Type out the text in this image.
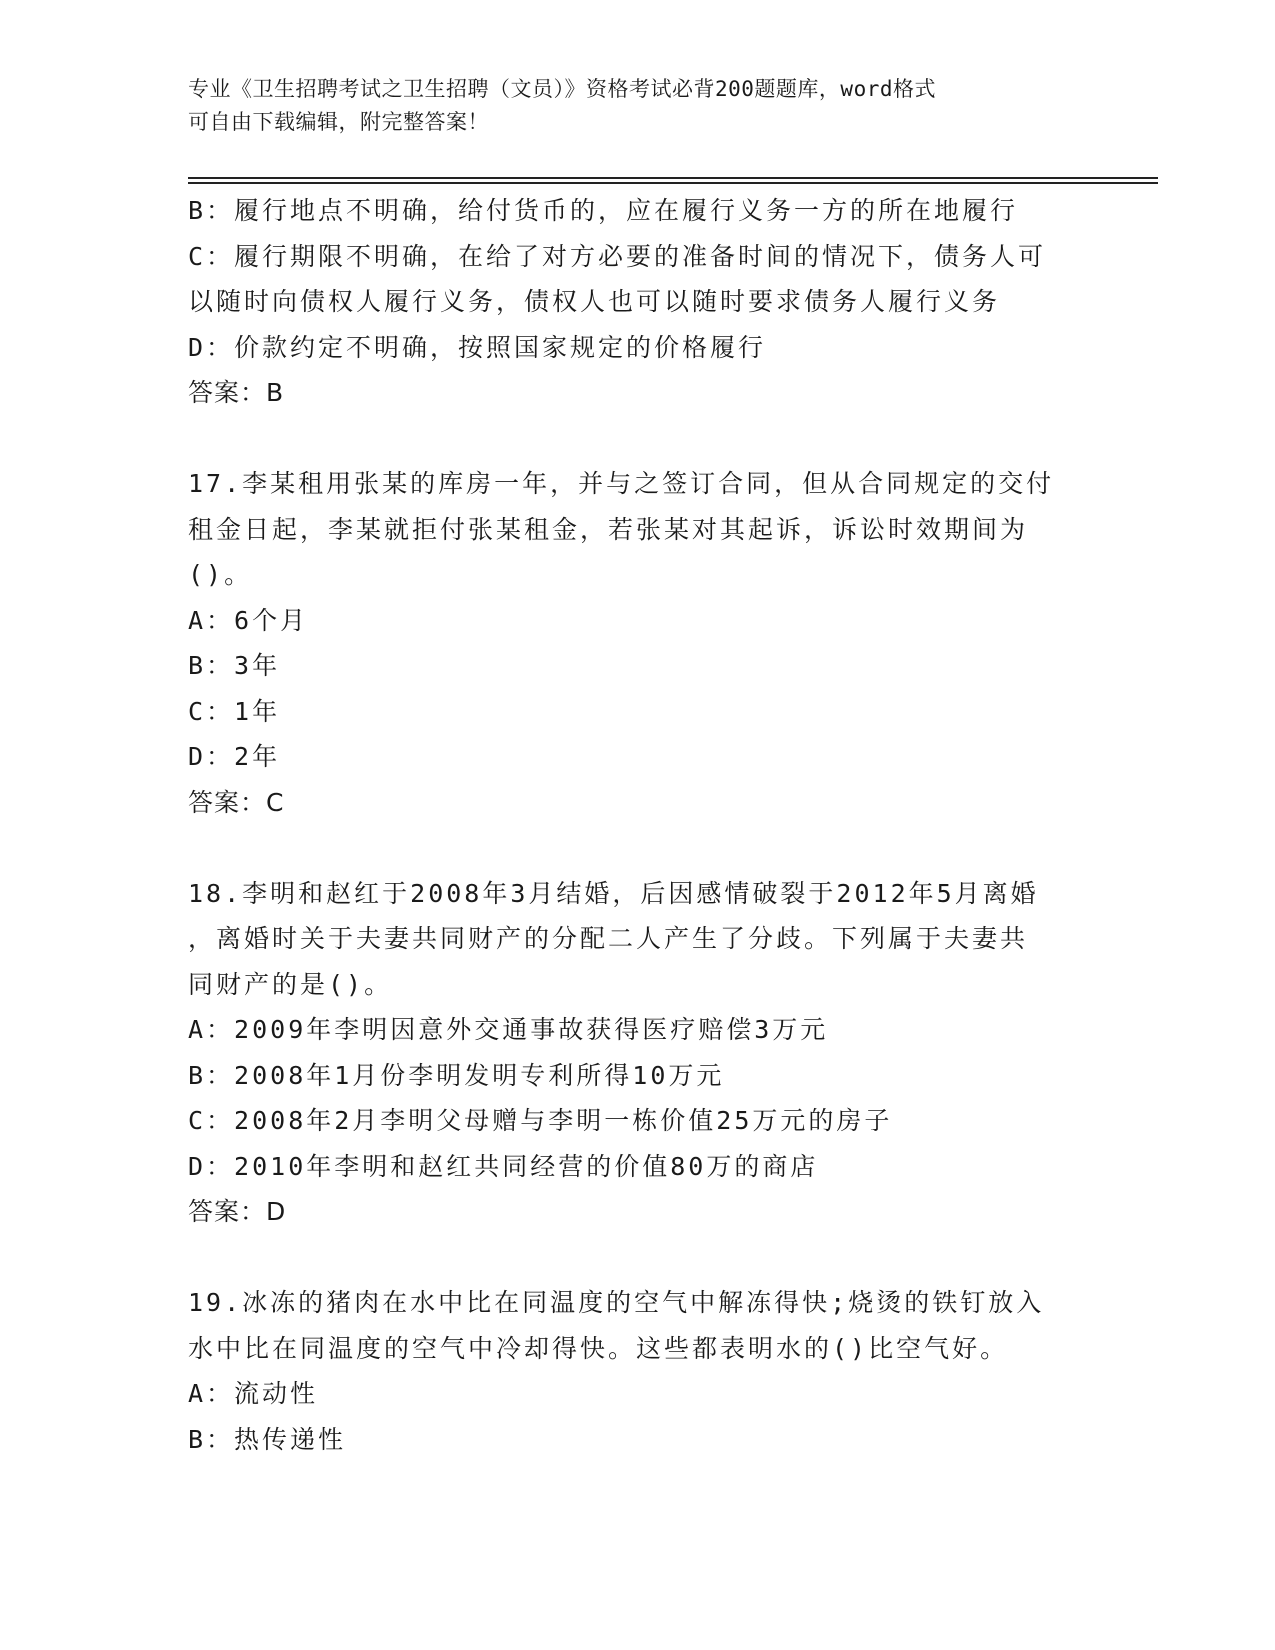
专业《卫生招聘考试之卫生招聘（文员）》资格考试必背200题题库，word格式
可自由下载编辑，附完整答案！
B：履行地点不明确，给付货币的，应在履行义务一方的所在地履行
C：履行期限不明确，在给了对方必要的准备时间的情况下，债务人可
以随时向债权人履行义务，债权人也可以随时要求债务人履行义务
D：价款约定不明确，按照国家规定的价格履行
答案：B
17.李某租用张某的库房一年，并与之签订合同，但从合同规定的交付
租金日起，李某就拒付张某租金，若张某对其起诉，诉讼时效期间为
()。
A：6个月
B：3年
C：1年
D：2年
答案：C
18.李明和赵红于2008年3月结婚，后因感情破裂于2012年5月离婚
，离婚时关于夫妻共同财产的分配二人产生了分歧。下列属于夫妻共
同财产的是()。
A：2009年李明因意外交通事故获得医疗赔偿3万元
B：2008年1月份李明发明专利所得10万元
C：2008年2月李明父母赠与李明一栋价值25万元的房子
D：2010年李明和赵红共同经营的价值80万的商店
答案：D
19.冰冻的猪肉在水中比在同温度的空气中解冻得快;烧烫的铁钉放入
水中比在同温度的空气中冷却得快。这些都表明水的()比空气好。
A：流动性
B：热传递性
